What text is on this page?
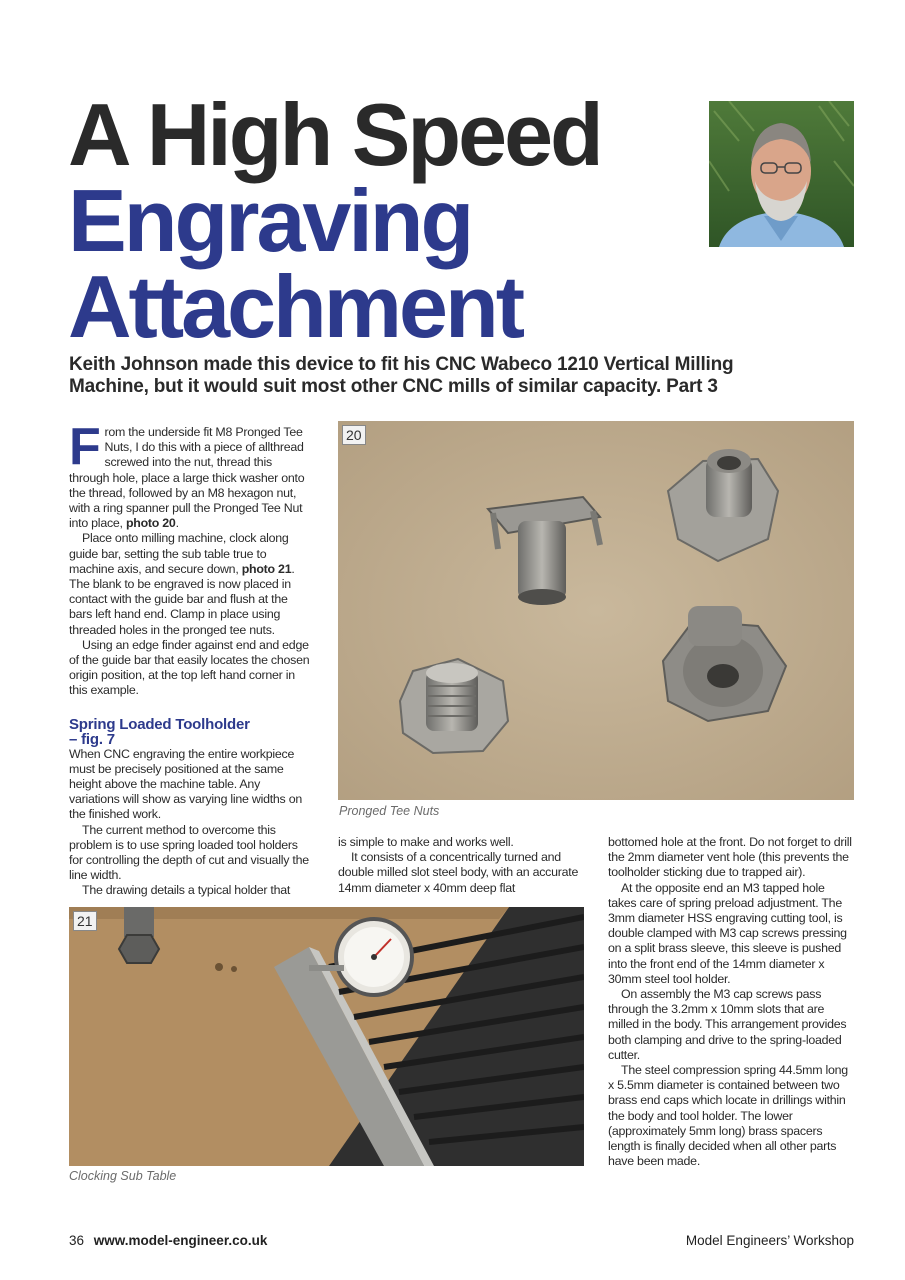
A High Speed
Engraving
Attachment

Keith Johnson made this device to fit his CNC Wabeco 1210 Vertical Milling Machine, but it would suit most other CNC mills of similar capacity. Part 3

From the underside fit M8 Pronged Tee Nuts, I do this with a piece of allthread screwed into the nut, thread this through hole, place a large thick washer onto the thread, followed by an M8 hexagon nut, with a ring spanner pull the Pronged Tee Nut into place, photo 20.

Place onto milling machine, clock along guide bar, setting the sub table true to machine axis, and secure down, photo 21. The blank to be engraved is now placed in contact with the guide bar and flush at the bars left hand end. Clamp in place using threaded holes in the pronged tee nuts.

Using an edge finder against end and edge of the guide bar that easily locates the chosen origin position, at the top left hand corner in this example.

Spring Loaded Toolholder
– fig. 7

When CNC engraving the entire workpiece must be precisely positioned at the same height above the machine table. Any variations will show as varying line widths on the finished work.

The current method to overcome this problem is to use spring loaded tool holders for controlling the depth of cut and visually the line width.

The drawing details a typical holder that

20

Pronged Tee Nuts

is simple to make and works well.

It consists of a concentrically turned and double milled slot steel body, with an accurate 14mm diameter x 40mm deep flat

bottomed hole at the front. Do not forget to drill the 2mm diameter vent hole (this prevents the toolholder sticking due to trapped air).

At the opposite end an M3 tapped hole takes care of spring preload adjustment. The 3mm diameter HSS engraving cutting tool, is double clamped with M3 cap screws pressing on a split brass sleeve, this sleeve is pushed into the front end of the 14mm diameter x 30mm steel tool holder.

On assembly the M3 cap screws pass through the 3.2mm x 10mm slots that are milled in the body. This arrangement provides both clamping and drive to the spring-loaded cutter.

The steel compression spring 44.5mm long x 5.5mm diameter is contained between two brass end caps which locate in drillings within the body and tool holder. The lower (approximately 5mm long) brass spacers length is finally decided when all other parts have been made.

21

Clocking Sub Table

36 www.model-engineer.co.uk	Model Engineers’ Workshop
